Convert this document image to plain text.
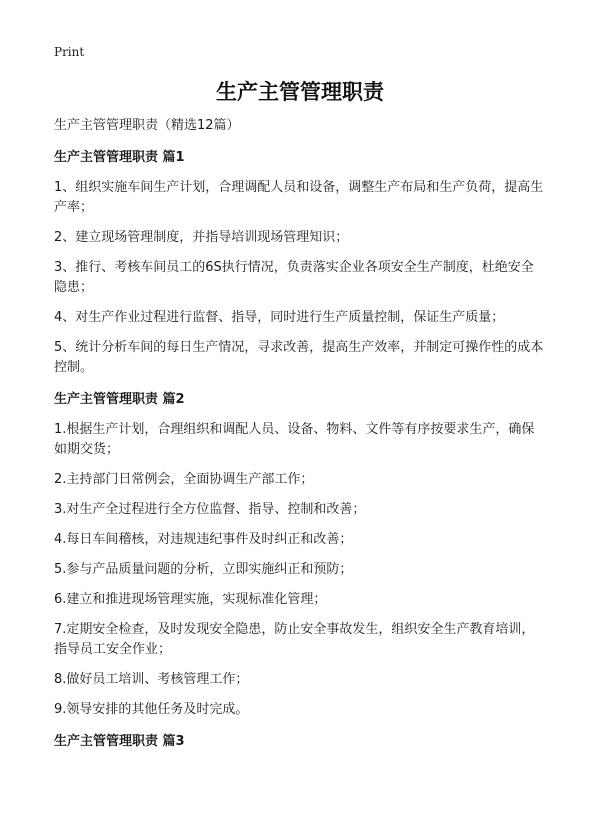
Print
生产主管管理职责
生产主管管理职责（精选12篇）
生产主管管理职责 篇1
1、组织实施车间生产计划，合理调配人员和设备，调整生产布局和生产负荷，提高生产率；
2、建立现场管理制度，并指导培训现场管理知识；
3、推行、考核车间员工的6S执行情况，负责落实企业各项安全生产制度，杜绝安全隐患；
4、对生产作业过程进行监督、指导，同时进行生产质量控制，保证生产质量；
5、统计分析车间的每日生产情况，寻求改善，提高生产效率，并制定可操作性的成本控制。
生产主管管理职责 篇2
1.根据生产计划，合理组织和调配人员、设备、物料、文件等有序按要求生产，确保如期交货；
2.主持部门日常例会，全面协调生产部工作；
3.对生产全过程进行全方位监督、指导、控制和改善；
4.每日车间稽核，对违规违纪事件及时纠正和改善；
5.参与产品质量问题的分析，立即实施纠正和预防；
6.建立和推进现场管理实施，实现标准化管理；
7.定期安全检查，及时发现安全隐患，防止安全事故发生，组织安全生产教育培训，指导员工安全作业；
8.做好员工培训、考核管理工作；
9.领导安排的其他任务及时完成。
生产主管管理职责 篇3
